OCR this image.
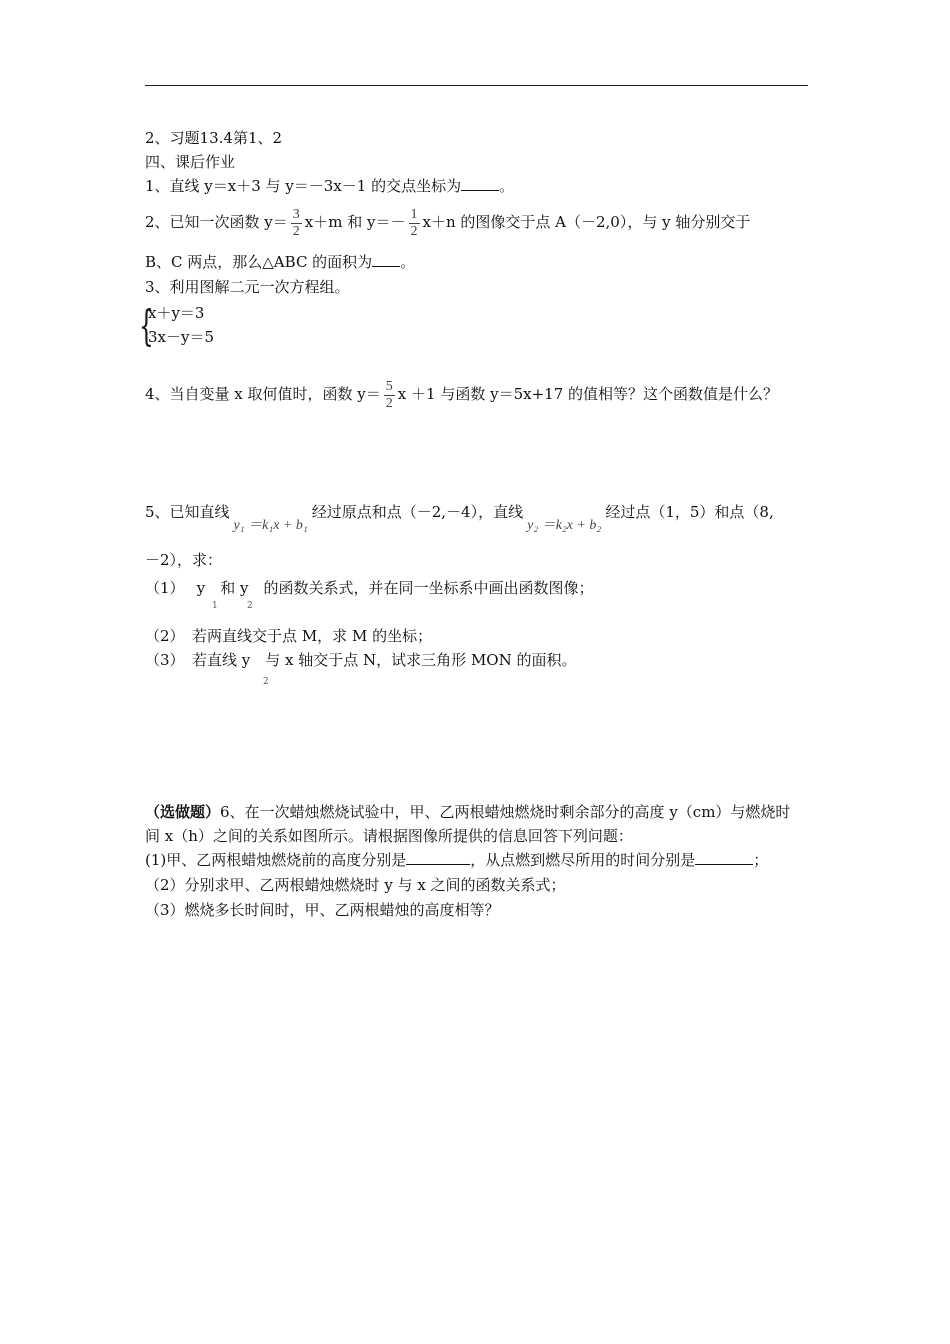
2、习题13.4第1、2
四、课后作业
1、直线 y＝x＋3 与 y＝－3x－1 的交点坐标为	。
2、已知一次函数 $y= \frac{3}{2} x+m$ 和 $y=- \frac{1}{2} x+n$ 的图像交于点 A（－2,0），与 y 轴分别交于
B、C 两点，那么△ABC 的面积为 。
3、利用图解二元一次方程组。
{
x＋y＝3
3x－y＝5
4、当自变量 x 取何值时，函数 $y= \frac{5}{2}$ x ＋1 与函数 y＝5x+17 的值相等？这个函数值是什么？
5、已知直线y₁ ＝k₁x + b₁经过原点和点（－2,－4），直线y₂ ＝k₂x + b₂经过点（1，5）和点（8,
－2），求：
（1）　 y　和 y　的函数关系式，并在同一坐标系中画出函数图像；
1	2
（2）　若两直线交于点 M，求 M 的坐标；
（3）　若直线 y　与 x 轴交于点 N，试求三角形 MON 的面积。
2
（选做题）6、在一次蜡烛燃烧试验中，甲、乙两根蜡烛燃烧时剩余部分的高度 y（cm）与燃烧时
间 x（h）之间的关系如图所示。请根据图像所提供的信息回答下列问题：
(1)甲、乙两根蜡烛燃烧前的高度分别是	，从点燃到燃尽所用的时间分别是	；
（2）分别求甲、乙两根蜡烛燃烧时 y 与 x 之间的函数关系式；
（3）燃烧多长时间时，甲、乙两根蜡烛的高度相等？
